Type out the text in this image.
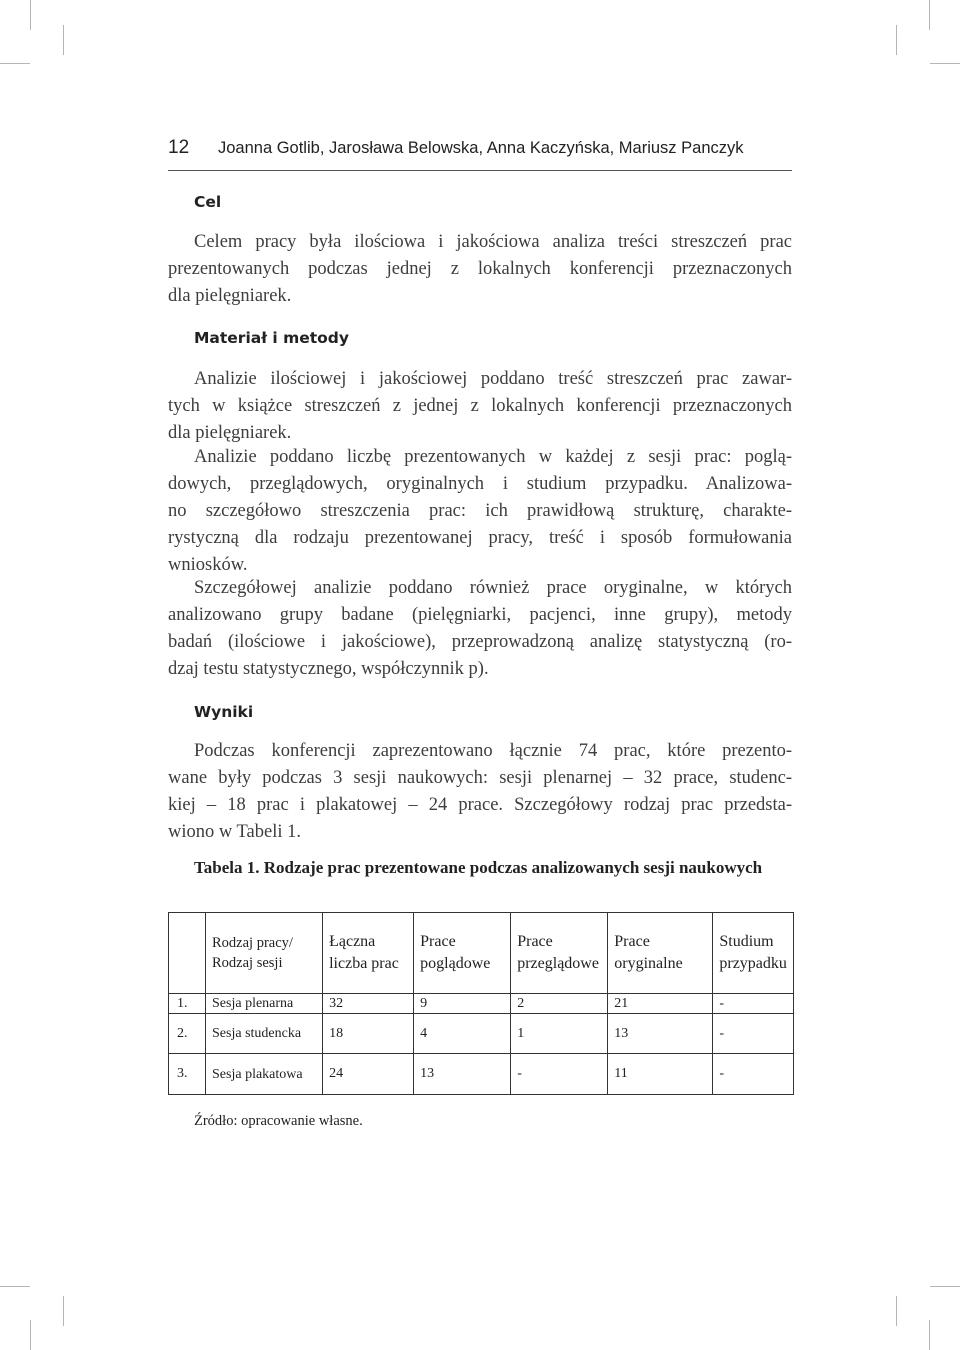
12 Joanna Gotlib, Jarosława Belowska, Anna Kaczyńska, Mariusz Panczyk
Cel
Celem pracy była ilościowa i jakościowa analiza treści streszczeń prac
prezentowanych podczas jednej z lokalnych konferencji przeznaczonych
dla pielęgniarek.
Materiał i metody
Analizie ilościowej i jakościowej poddano treść streszczeń prac zawar-
tych w książce streszczeń z jednej z lokalnych konferencji przeznaczonych
dla pielęgniarek.
Analizie poddano liczbę prezentowanych w każdej z sesji prac: poglą-
dowych, przeglądowych, oryginalnych i studium przypadku. Analizowa-
no szczegółowo streszczenia prac: ich prawidłową strukturę, charakte-
rystyczną dla rodzaju prezentowanej pracy, treść i sposób formułowania
wniosków.
Szczegółowej analizie poddano również prace oryginalne, w których
analizowano grupy badane (pielęgniarki, pacjenci, inne grupy), metody
badań (ilościowe i jakościowe), przeprowadzoną analizę statystyczną (ro-
dzaj testu statystycznego, współczynnik p).
Wyniki
Podczas konferencji zaprezentowano łącznie 74 prac, które prezento-
wane były podczas 3 sesji naukowych: sesji plenarnej – 32 prace, studenc-
kiej – 18 prac i plakatowej – 24 prace. Szczegółowy rodzaj prac przedsta-
wiono w Tabeli 1.
Tabela 1. Rodzaje prac prezentowane podczas analizowanych sesji naukowych
	Rodzaj pracy/ Rodzaj sesji	Łączna liczba prac	Prace poglądowe	Prace przeglądowe	Prace oryginalne	Studium przypadku
1.	Sesja plenarna	32	9	2	21	-
2.	Sesja studencka	18	4	1	13	-
3.	Sesja plakatowa	24	13	-	11	-
Źródło: opracowanie własne.
